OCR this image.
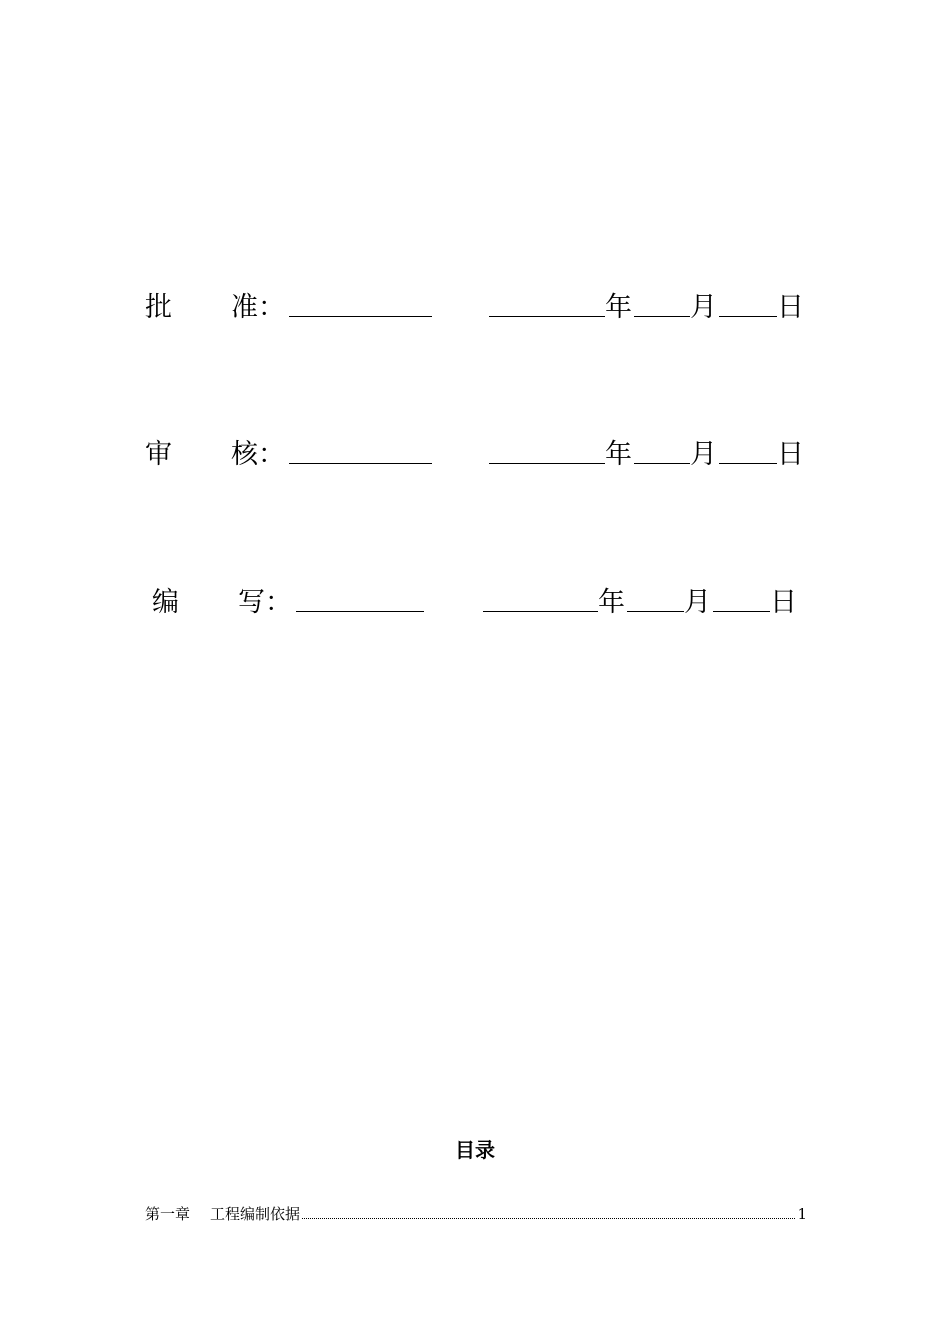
批 准 ：	年 月 日
审 核 ：	年 月 日
编 写 ：	年 月 日
目录
第一章 工程编制依据	1
